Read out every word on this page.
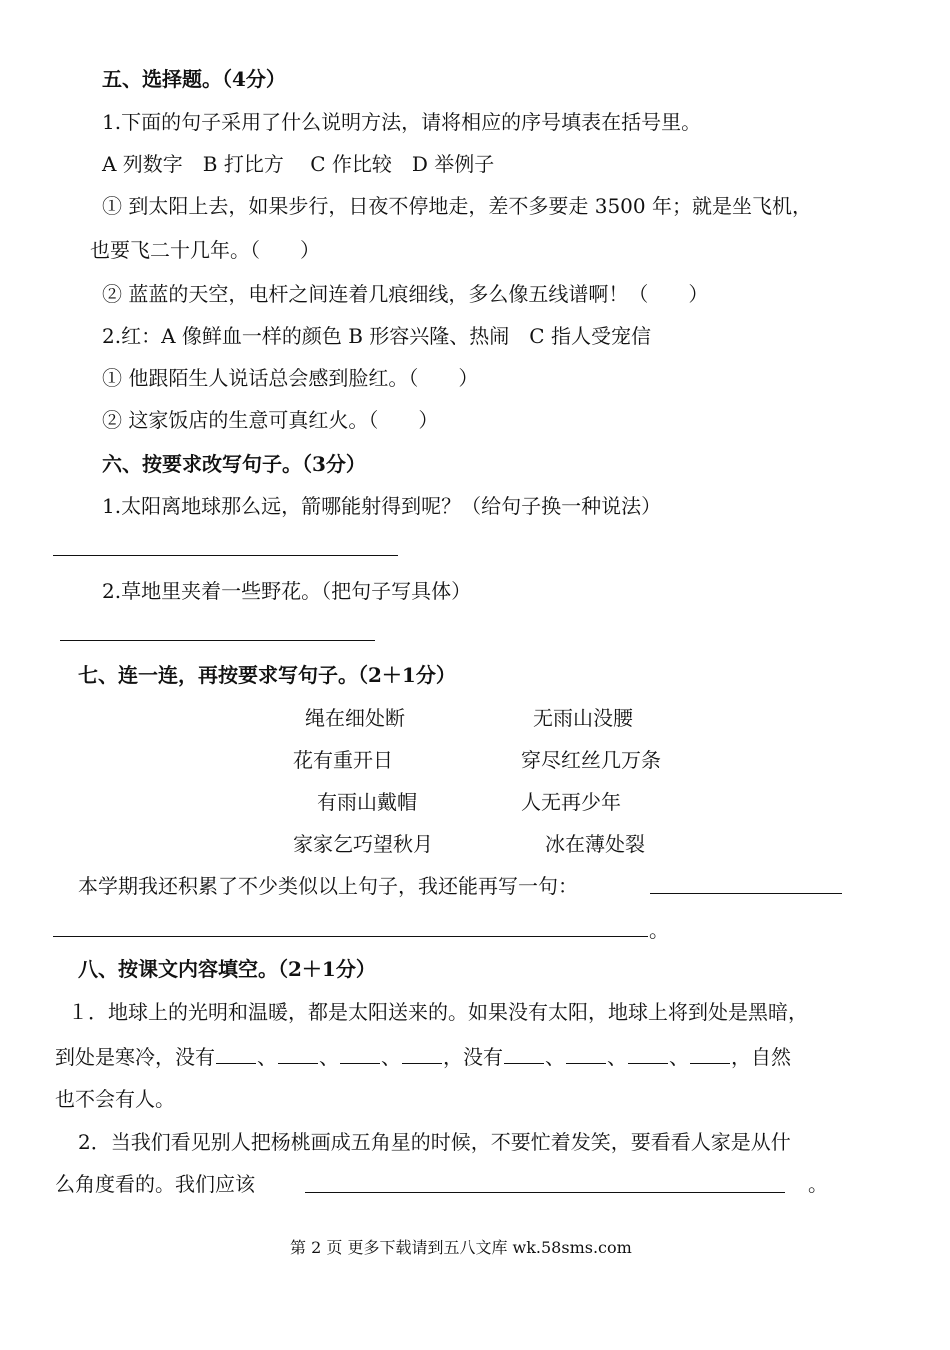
五、选择题。（4分）
1.下面的句子采用了什么说明方法，请将相应的序号填表在括号里。
A 列数字　B 打比方　 C 作比较　D 举例子
① 到太阳上去，如果步行，日夜不停地走，差不多要走 3500 年；就是坐飞机，
也要飞二十几年。（　　）
② 蓝蓝的天空，电杆之间连着几痕细线，多么像五线谱啊！（　　）
2.红：A 像鲜血一样的颜色 B 形容兴隆、热闹　C 指人受宠信
① 他跟陌生人说话总会感到脸红。（　　）
② 这家饭店的生意可真红火。（　　）
六、按要求改写句子。（3分）
1.太阳离地球那么远，箭哪能射得到呢？（给句子换一种说法）
2.草地里夹着一些野花。（把句子写具体）
七、连一连，再按要求写句子。（2＋1分）
绳在细处断
花有重开日
有雨山戴帽
家家乞巧望秋月
无雨山没腰
穿尽红丝几万条
人无再少年
冰在薄处裂
本学期我还积累了不少类似以上句子，我还能再写一句：
。
八、按课文内容填空。（2＋1分）
１．地球上的光明和温暖，都是太阳送来的。如果没有太阳，地球上将到处是黑暗，
到处是寒冷，没有 、 、 、 ，没有 、 、 、 ，自然
也不会有人。
2．当我们看见别人把杨桃画成五角星的时候，不要忙着发笑，要看看人家是从什
么角度看的。我们应该	。
第 2 页 更多下载请到五八文库 wk.58sms.com
